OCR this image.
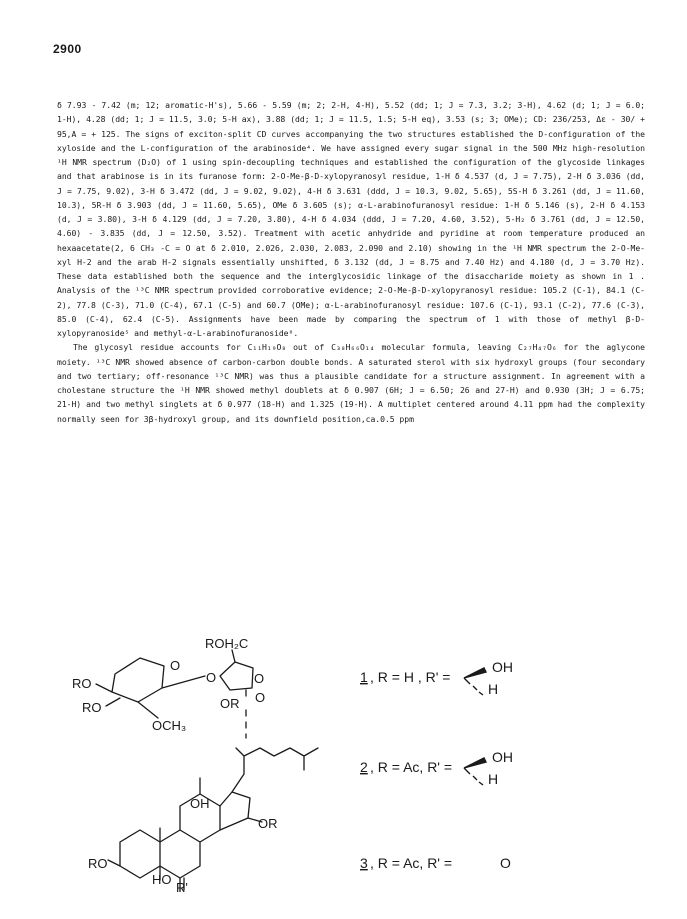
2900

δ 7.93 - 7.42 (m; 12; aromatic-H's), 5.66 - 5.59 (m; 2; 2-H, 4-H), 5.52 (dd; 1; J = 7.3, 3.2; 3-H), 4.62 (d; 1; J = 6.0; 1-H), 4.28 (dd; 1; J = 11.5, 3.0; 5-H ax), 3.88 (dd; 1; J = 11.5, 1.5; 5-H eq), 3.53 (s; 3; OMe); CD: 236/253, Δε - 30/ + 95,A = + 125. The signs of exciton-split CD curves accompanying the two structures established the D-configuration of the xyloside and the L-configuration of the arabinoside⁴. We have assigned every sugar signal in the 500 MHz high-resolution ¹H NMR spectrum (D₂O) of 1 using spin-decoupling techniques and established the configuration of the glycoside linkages and that arabinose is in its furanose form: 2-O-Me-β-D-xylopyranosyl residue, 1-H δ 4.537 (d, J = 7.75), 2-H δ 3.036 (dd, J = 7.75, 9.02), 3-H δ 3.472 (dd, J = 9.02, 9.02), 4-H δ 3.631 (ddd, J = 10.3, 9.02, 5.65), 5S-H δ 3.261 (dd, J = 11.60, 10.3), 5R-H δ 3.903 (dd, J = 11.60, 5.65), OMe δ 3.605 (s); α-L-arabinofuranosyl residue: 1-H δ 5.146 (s), 2-H δ 4.153 (d, J = 3.80), 3-H δ 4.129 (dd, J = 7.20, 3.80), 4-H δ 4.034 (ddd, J = 7.20, 4.60, 3.52), 5-H₂ δ 3.761 (dd, J = 12.50, 4.60) - 3.835 (dd, J = 12.50, 3.52). Treatment with acetic anhydride and pyridine at room temperature produced an hexaacetate(2, 6 CH₃ -C = O at δ 2.010, 2.026, 2.030, 2.083, 2.090 and 2.10) showing in the ¹H NMR spectrum the 2-O-Me-xyl H-2 and the arab H-2 signals essentially unshifted, δ 3.132 (dd, J = 8.75 and 7.40 Hz) and 4.180 (d, J = 3.70 Hz). These data established both the sequence and the interglycosidic linkage of the disaccharide moiety as shown in 1 . Analysis of the ¹³C NMR spectrum provided corroborative evidence; 2-O-Me-β-D-xylopyranosyl residue: 105.2 (C-1), 84.1 (C-2), 77.8 (C-3), 71.0 (C-4), 67.1 (C-5) and 60.7 (OMe); α-L-arabinofuranosyl residue: 107.6 (C-1), 93.1 (C-2), 77.6 (C-3), 85.0 (C-4), 62.4 (C-5). Assignments have been made by comparing the spectrum of 1 with those of methyl β-D-xylopyranoside⁵ and methyl-α-L-arabinofuranoside⁶.

The glycosyl residue accounts for C₁₁H₁₉O₈ out of C₃₈H₆₆O₁₄ molecular formula, leaving C₂₇H₄₇O₆ for the aglycone moiety. ¹³C NMR showed absence of carbon-carbon double bonds. A saturated sterol with six hydroxyl groups (four secondary and two tertiary; off-resonance ¹³C NMR) was thus a plausible candidate for a structure assignment. In agreement with a cholestane structure the ¹H NMR showed methyl doublets at δ 0.907 (6H; J = 6.50; 26 and 27-H) and 0.930 (3H; J = 6.75; 21-H) and two methyl singlets at δ 0.977 (18-H) and 1.325 (19-H). A multiplet centered around 4.11 ppm had the complexity normally seen for 3β-hydroxyl group, and its downfield position,ca.0.5 ppm

O
O	O
O
RO
RO
ROH₂C
OCH₃
OR
OH
OR
RO
HO
R'
1 , R = H , R' =
OH
H
2 , R = Ac, R' =
OH
H
3 , R = Ac, R' =	O
